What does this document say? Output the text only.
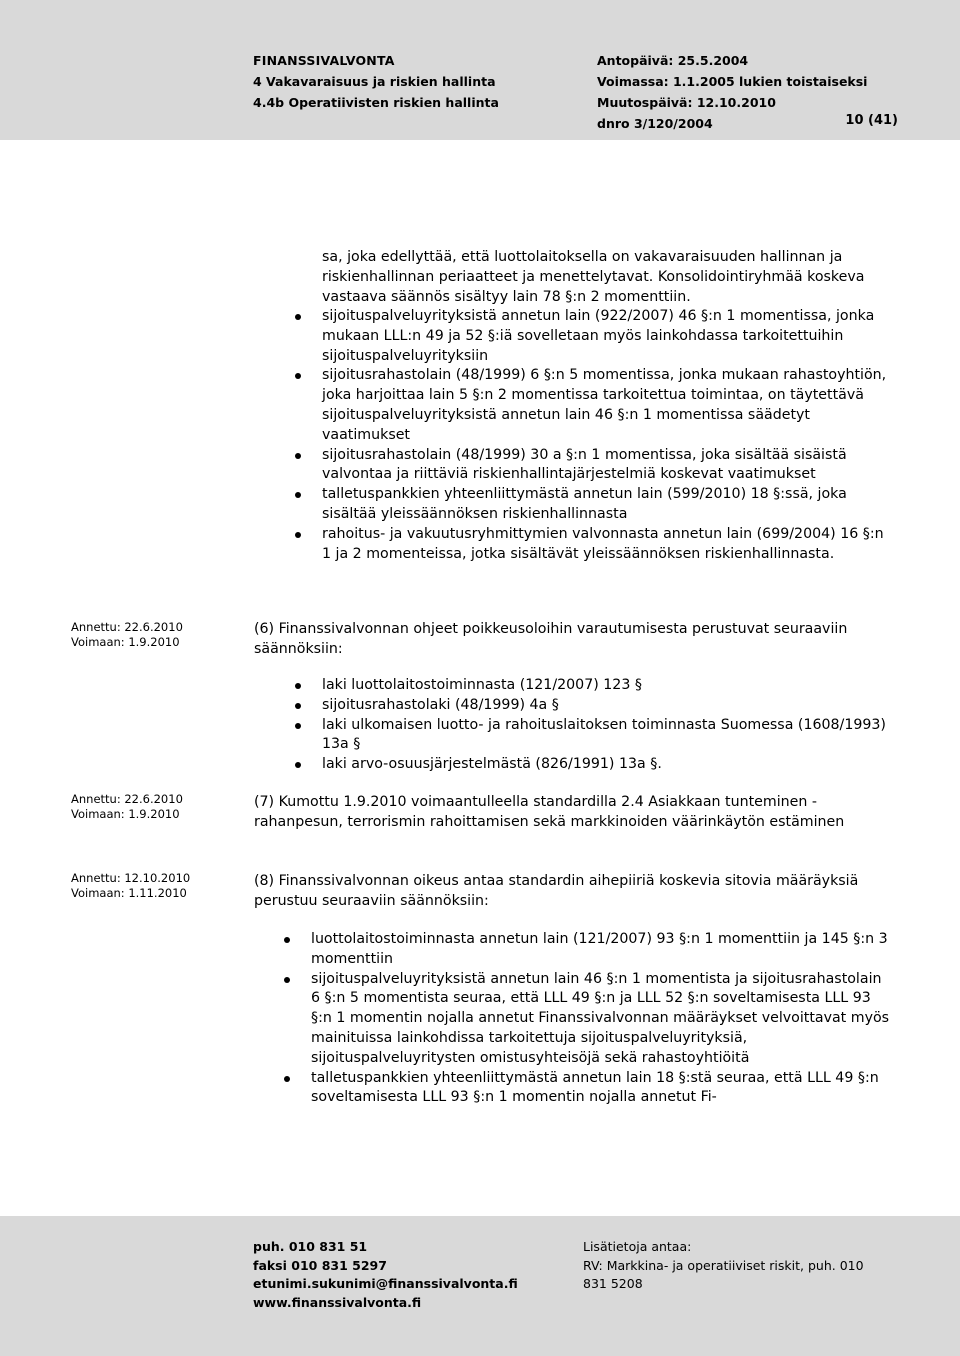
FINANSSIVALVONTA
4 Vakavaraisuus ja riskien hallinta
4.4b Operatiivisten riskien hallinta
Antopäivä: 25.5.2004
Voimassa: 1.1.2005 lukien toistaiseksi
Muutospäivä: 12.10.2010
dnro 3/120/2004	10 (41)
sa, joka edellyttää, että luottolaitoksella on vakavaraisuuden hallinnan ja riskienhallinnan periaatteet ja menettelytavat. Konsolidointiryhmää koskeva vastaava säännös sisältyy lain 78 §:n 2 momenttiin.
sijoituspalveluyrityksistä annetun lain (922/2007) 46 §:n 1 momentissa, jonka mukaan LLL:n 49 ja 52 §:iä sovelletaan myös lainkohdassa tarkoitettuihin sijoituspalveluyrityksiin
sijoitusrahastolain (48/1999) 6 §:n 5 momentissa, jonka mukaan rahastoyhtiön, joka harjoittaa lain 5 §:n 2 momentissa tarkoitettua toimintaa, on täytettävä sijoituspalveluyrityksistä annetun lain 46 §:n 1 momentissa säädetyt vaatimukset
sijoitusrahastolain (48/1999) 30 a §:n 1 momentissa, joka sisältää sisäistä valvontaa ja riittäviä riskienhallintajärjestelmiä koskevat vaatimukset
talletuspankkien yhteenliittymästä annetun lain (599/2010) 18 §:ssä, joka sisältää yleissäännöksen riskienhallinnasta
rahoitus- ja vakuutusryhmittymien valvonnasta annetun lain (699/2004) 16 §:n 1 ja 2 momenteissa, jotka sisältävät yleissäännöksen riskienhallinnasta.
Annettu: 22.6.2010
Voimaan: 1.9.2010
(6) Finanssivalvonnan ohjeet poikkeusoloihin varautumisesta perustuvat seuraaviin säännöksiin:
laki luottolaitostoiminnasta (121/2007) 123 §
sijoitusrahastolaki (48/1999) 4a §
laki ulkomaisen luotto- ja rahoituslaitoksen toiminnasta Suomessa (1608/1993) 13a §
laki arvo-osuusjärjestelmästä (826/1991) 13a §.
Annettu: 22.6.2010
Voimaan: 1.9.2010
(7) Kumottu 1.9.2010 voimaantulleella standardilla 2.4 Asiakkaan tunteminen - rahanpesun, terrorismin rahoittamisen sekä markkinoiden väärinkäytön estäminen
Annettu: 12.10.2010
Voimaan: 1.11.2010
(8) Finanssivalvonnan oikeus antaa standardin aihepiiriä koskevia sitovia määräyksiä perustuu seuraaviin säännöksiin:
luottolaitostoiminnasta annetun lain (121/2007) 93 §:n 1 momenttiin ja 145 §:n 3 momenttiin
sijoituspalveluyrityksistä annetun lain 46 §:n 1 momentista ja sijoitusrahastolain 6 §:n 5 momentista seuraa, että LLL 49 §:n ja LLL 52 §:n soveltamisesta LLL 93 §:n 1 momentin nojalla annetut Finanssivalvonnan määräykset velvoittavat myös mainituissa lainkohdissa tarkoitettuja sijoituspalveluyrityksiä, sijoituspalveluyritysten omistusyhteisöjä sekä rahastoyhtiöitä
talletuspankkien yhteenliittymästä annetun lain 18 §:stä seuraa, että LLL 49 §:n soveltamisesta LLL 93 §:n 1 momentin nojalla annetut Fi-
puh. 010 831 51
faksi 010 831 5297
etunimi.sukunimi@finanssivalvonta.fi
www.finanssivalvonta.fi
Lisätietoja antaa:
RV: Markkina- ja operatiiviset riskit, puh. 010 831 5208
